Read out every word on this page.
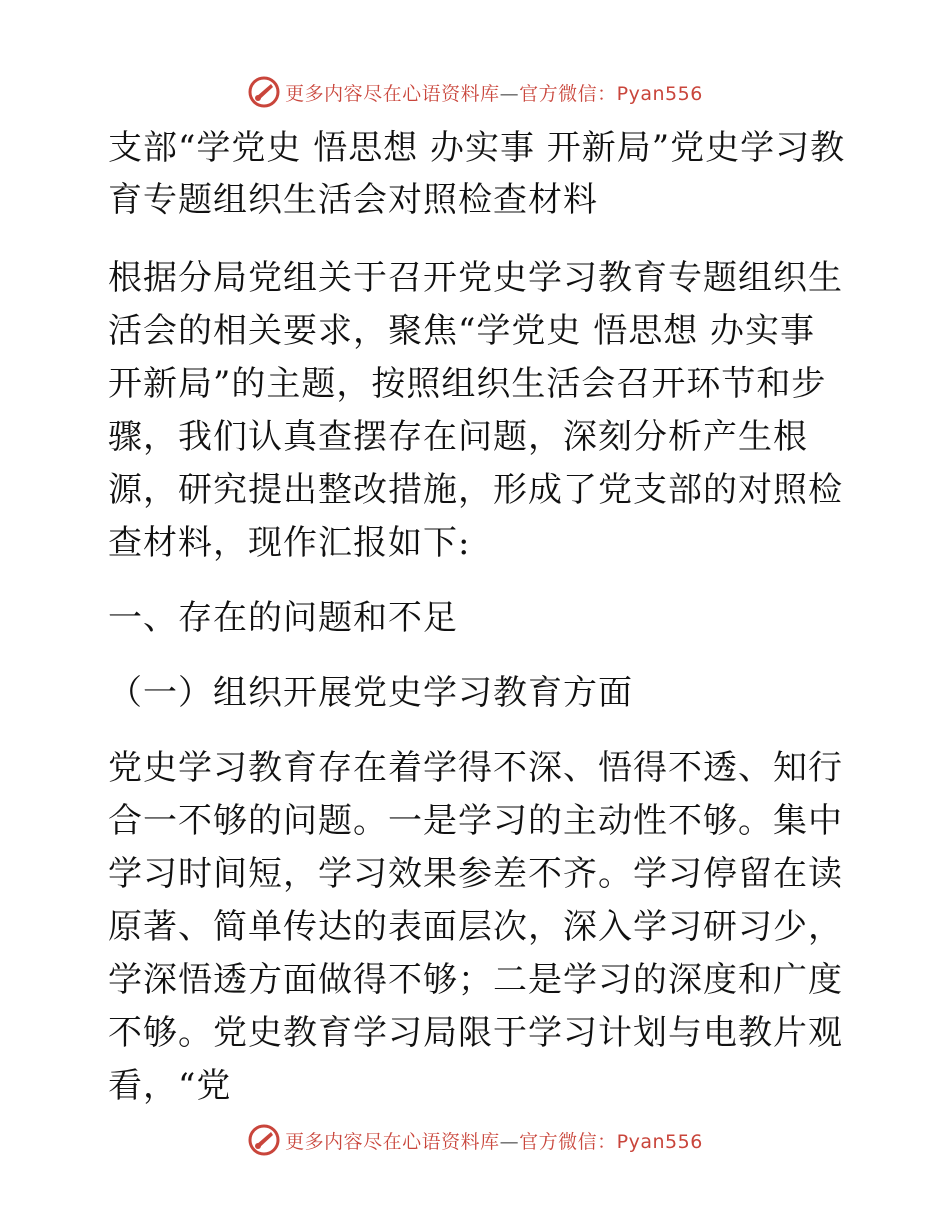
更多内容尽在心语资料库—官方微信：Pyan556
支部“学党史 悟思想 办实事 开新局”党史学习教育专题组织生活会对照检查材料

根据分局党组关于召开党史学习教育专题组织生活会的相关要求，聚焦“学党史 悟思想 办实事 开新局”的主题，按照组织生活会召开环节和步骤，我们认真查摆存在问题，深刻分析产生根源，研究提出整改措施，形成了党支部的对照检查材料，现作汇报如下:

一、存在的问题和不足

（一）组织开展党史学习教育方面

党史学习教育存在着学得不深、悟得不透、知行合一不够的问题。一是学习的主动性不够。集中学习时间短，学习效果参差不齐。学习停留在读原著、简单传达的表面层次，深入学习研习少，学深悟透方面做得不够；二是学习的深度和广度不够。党史教育学习局限于学习计划与电教片观看，“党

更多内容尽在心语资料库—官方微信：Pyan556
